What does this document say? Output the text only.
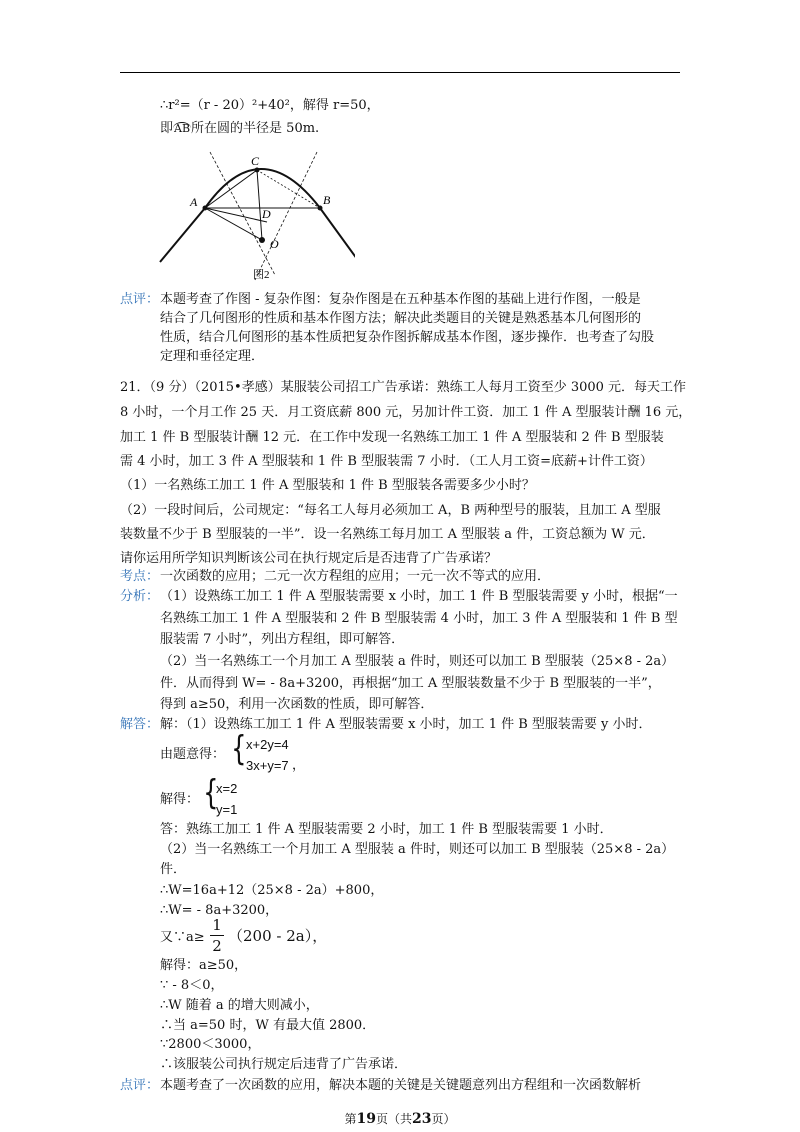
∴r²=（r - 20）²+40²，解得 r=50，
即AB所在圆的半径是 50m.
A	B
C
D
O
图2
点评： 本题考查了作图 - 复杂作图：复杂作图是在五种基本作图的基础上进行作图，一般是
结合了几何图形的性质和基本作图方法；解决此类题目的关键是熟悉基本几何图形的
性质，结合几何图形的基本性质把复杂作图拆解成基本作图，逐步操作．也考查了勾股
定理和垂径定理．
21．（9 分）（2015•孝感）某服装公司招工广告承诺：熟练工人每月工资至少 3000 元．每天工作
8 小时，一个月工作 25 天．月工资底薪 800 元，另加计件工资．加工 1 件 A 型服装计酬 16 元，
加工 1 件 B 型服装计酬 12 元．在工作中发现一名熟练工加工 1 件 A 型服装和 2 件 B 型服装
需 4 小时，加工 3 件 A 型服装和 1 件 B 型服装需 7 小时．（工人月工资=底薪+计件工资）
（1）一名熟练工加工 1 件 A 型服装和 1 件 B 型服装各需要多少小时？
（2）一段时间后，公司规定：“每名工人每月必须加工 A，B 两种型号的服装，且加工 A 型服
装数量不少于 B 型服装的一半”．设一名熟练工每月加工 A 型服装 a 件，工资总额为 W 元．
请你运用所学知识判断该公司在执行规定后是否违背了广告承诺？
考点： 一次函数的应用；二元一次方程组的应用；一元一次不等式的应用．
分析： （1）设熟练工加工 1 件 A 型服装需要 x 小时，加工 1 件 B 型服装需要 y 小时，根据“一
名熟练工加工 1 件 A 型服装和 2 件 B 型服装需 4 小时，加工 3 件 A 型服装和 1 件 B 型
服装需 7 小时”，列出方程组，即可解答．
（2）当一名熟练工一个月加工 A 型服装 a 件时，则还可以加工 B 型服装（25×8 - 2a）
件．从而得到 W= - 8a+3200，再根据“加工 A 型服装数量不少于 B 型服装的一半”，
得到 a≥50，利用一次函数的性质，即可解答．
解答： 解：（1）设熟练工加工 1 件 A 型服装需要 x 小时，加工 1 件 B 型服装需要 y 小时．
由题意得： { x+2y=4
3x+y=7 ，
解得： {
x=2
y=1
答：熟练工加工 1 件 A 型服装需要 2 小时，加工 1 件 B 型服装需要 1 小时．
（2）当一名熟练工一个月加工 A 型服装 a 件时，则还可以加工 B 型服装（25×8 - 2a）
件．
∴W=16a+12（25×8 - 2a）+800，
∴W= - 8a+3200，
又∵a≥
1
2
（200 - 2a），
解得：a≥50，
∵ - 8＜0，
∴W 随着 a 的增大则减小，
∴当 a=50 时，W 有最大值 2800．
∵2800＜3000，
∴该服装公司执行规定后违背了广告承诺．
第19页（共23页）
点评： 本题考查了一次函数的应用，解决本题的关键是关键题意列出方程组和一次函数解析
